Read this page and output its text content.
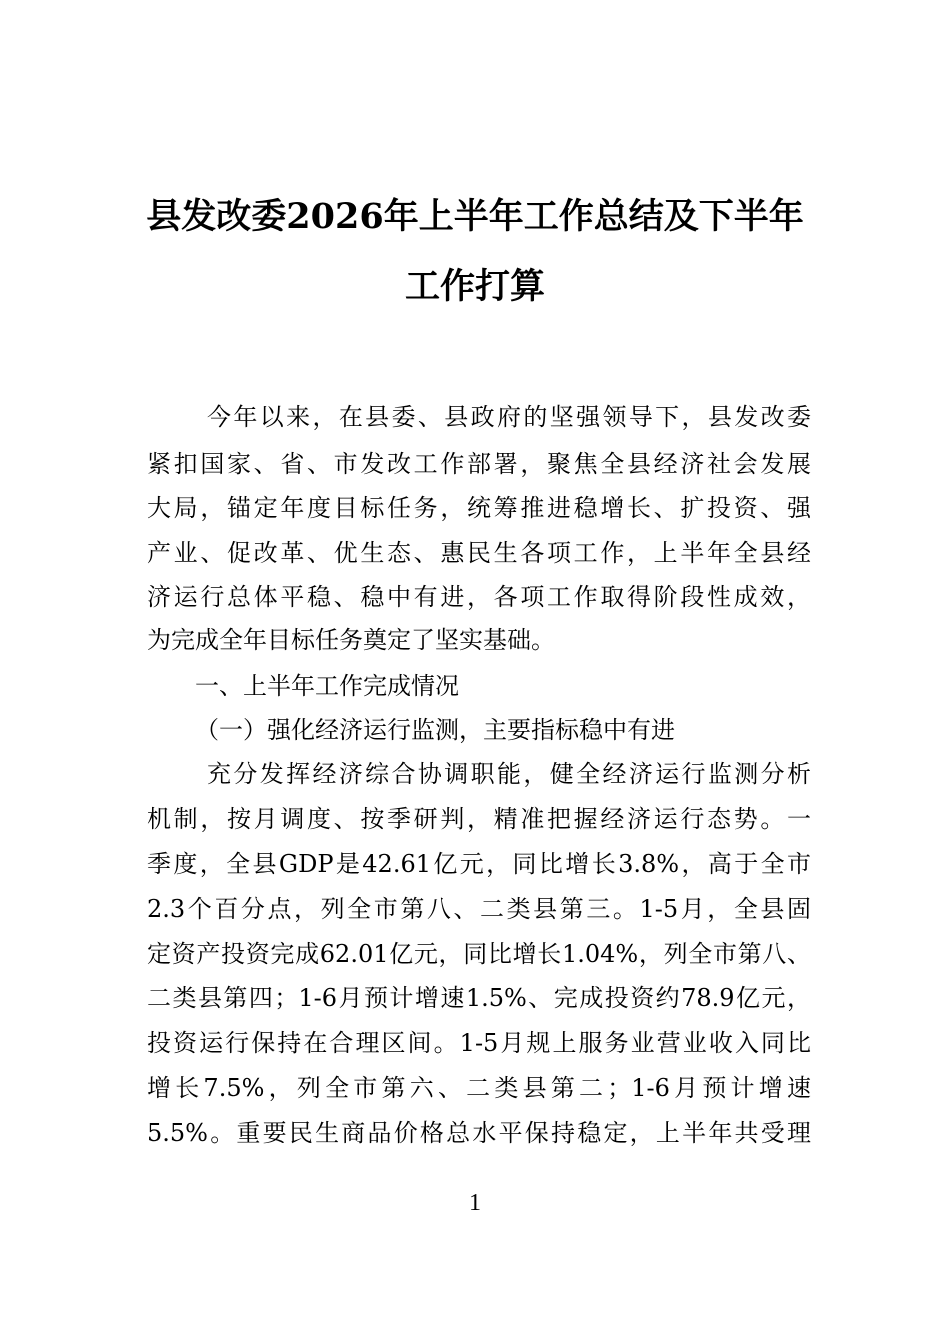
县发改委2026年上半年工作总结及下半年
工作打算
今年以来，在县委、县政府的坚强领导下，县发改委
紧扣国家、省、市发改工作部署，聚焦全县经济社会发展
大局，锚定年度目标任务，统筹推进稳增长、扩投资、强
产业、促改革、优生态、惠民生各项工作，上半年全县经
济运行总体平稳、稳中有进，各项工作取得阶段性成效，
为完成全年目标任务奠定了坚实基础。
一、上半年工作完成情况
（一）强化经济运行监测，主要指标稳中有进
充分发挥经济综合协调职能，健全经济运行监测分析
机制，按月调度、按季研判，精准把握经济运行态势。一
季度，全县GDP是42.61亿元，同比增长3.8%，高于全市
2.3个百分点，列全市第八、二类县第三。1-5月，全县固
定资产投资完成62.01亿元，同比增长1.04%，列全市第八、
二类县第四；1-6月预计增速1.5%、完成投资约78.9亿元，
投资运行保持在合理区间。1-5月规上服务业营业收入同比
增长7.5%，列全市第六、二类县第二；1-6月预计增速
5.5%。重要民生商品价格总水平保持稳定，上半年共受理
1
